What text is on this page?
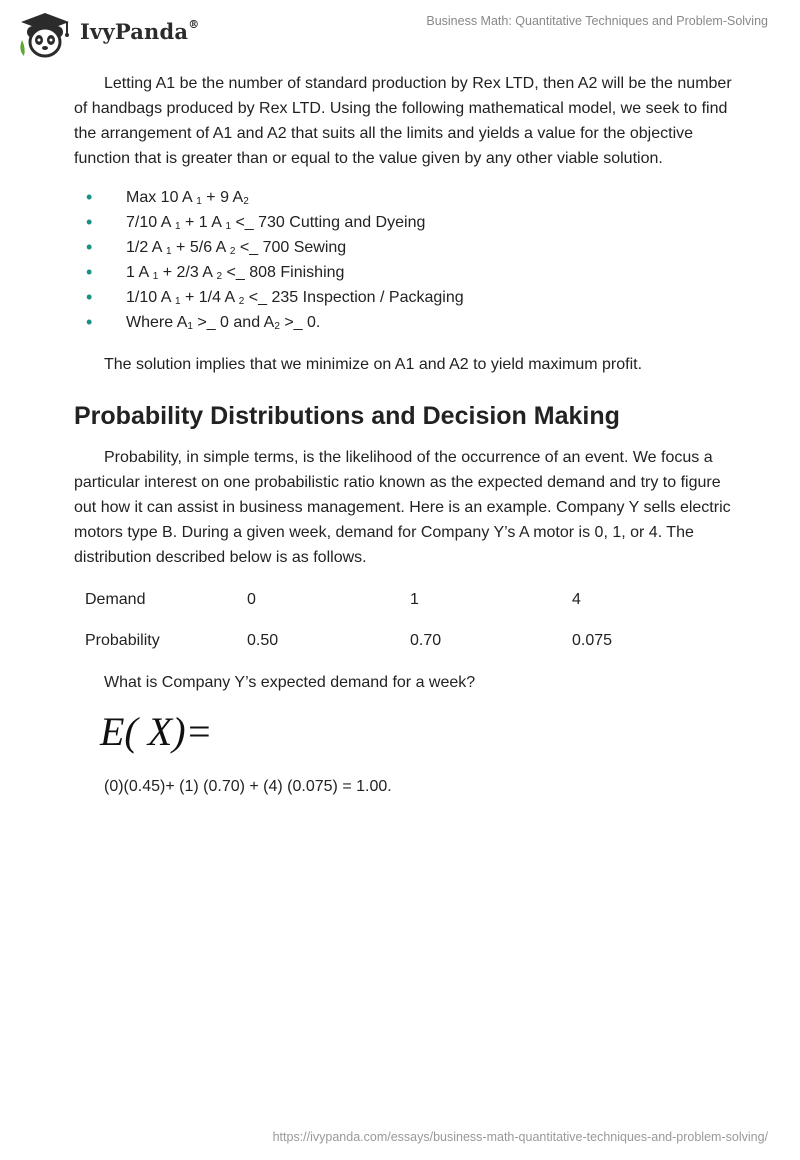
IvyPanda®	Business Math: Quantitative Techniques and Problem-Solving

Letting A1 be the number of standard production by Rex LTD, then A2 will be the number of handbags produced by Rex LTD. Using the following mathematical model, we seek to find the arrangement of A1 and A2 that suits all the limits and yields a value for the objective function that is greater than or equal to the value given by any other viable solution.

• Max 10 A $_1$ + 9 $A_2$
• 7/10 A $_1$ + 1 A $_1$ <_ 730 Cutting and Dyeing
• 1/2 A $_1$ + 5/6 A $_2$ <_ 700 Sewing
• 1 A $_1$ + 2/3 A $_2$ <_ 808 Finishing
• 1/10 A $_1$ + 1/4 A $_2$ <_ 235 Inspection / Packaging
• Where $A_1$ >_ 0 and $A_2$ >_ 0.

The solution implies that we minimize on A1 and A2 to yield maximum profit.

Probability Distributions and Decision Making

Probability, in simple terms, is the likelihood of the occurrence of an event. We focus a particular interest on one probabilistic ratio known as the expected demand and try to figure out how it can assist in business management. Here is an example. Company Y sells electric motors type B. During a given week, demand for Company Y’s A motor is 0, 1, or 4. The distribution described below is as follows.

Demand	0	1	4
Probability	0.50	0.70	0.075

What is Company Y’s expected demand for a week?

E( X)=

(0)(0.45)+ (1) (0.70) + (4) (0.075) = 1.00.

https://ivypanda.com/essays/business-math-quantitative-techniques-and-problem-solving/
